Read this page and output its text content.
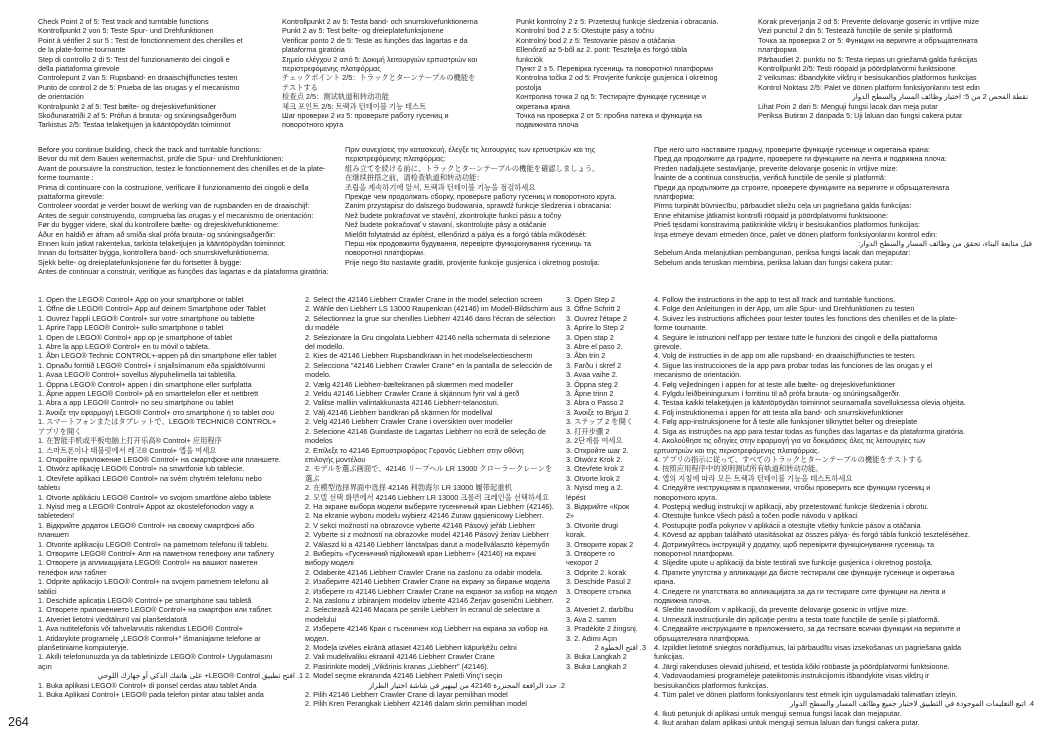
Check Point 2 of 5: Test track and turntable functions
Kontrollpunkt 2 von 5: Teste Spur- und Drehfunktionen
Point à vérifier 2 sur 5 : Test de fonctionnement des chenilles et
de la plate-forme tournante
Step di controllo 2 di 5: Test del funzionamento dei cingoli e
della piattaforma girevole
Controlepunt 2 van 5: Rupsband- en draaischijffuncties testen
Punto de control 2 de 5: Prueba de las orugas y el mecanismo
de orientación
Kontrolpunkt 2 af 5: Test bælte- og drejeskivefunktioner
Skoðunaratriði 2 af 5: Prófun á brauta- og snúningsaðgerðum
Tarkistus 2/5: Testaa telaketjujen ja kääntöpöydän toiminnot
Kontrollpunkt 2 av 5: Testa band- och snurrskivefunktionerna
Punkt 2 av 5: Test belte- og dreieplatefunksjonene
Verificar ponto 2 de 5: Teste as funções das lagartas e da
plataforma giratória
Σημείο ελέγχου 2 από 5: Δοκιμή λειτουργιών ερπυστριών και
περιστρεφόμενης πλατφόρμας
チェックポイント 2/5：トラックとターンテーブルの機能を
テストする
检查点 2/5：测试轨道和转动功能
체크 포인트 2/5: 트랙과 턴테이블 기능 테스트
Шаг проверки 2 из 5: проверьте работу гусениц и
поворотного круга
Punkt kontrolny 2 z 5: Przetestuj funkcje śledzenia i obracania.
Kontrolní bod 2 z 5: Otestujte pásy a točnu
Kontrolný bod 2 z 5: Testovanie pásov a otáčania
Ellenőrző az 5-ből az 2. pont: Teszteljа és forgó tábla
funkciók
Пункт 2 з 5. Перевірка гусениць та поворотної платформи
Kontrolna točka 2 od 5: Provjerite funkcije gusjenica i okretnog
postolja
Контролна точка 2 од 5: Тестирајте функције гусенице и
окретања крана
Точка на проверка 2 от 5: пробна патека и функција на
подвижната плоча
Korak preverjanja 2 od 5: Preverite delovanje gosenic in vrtljive mize
Vezi punctul 2 din 5: Testează funcțiile de șenile și platformă
Точка за проверка 2 от 5: Функции на веригите и обръщателната
платформа
Pārbaudiet 2. punktu no 5: Testa riepas un griežamā galda funkcijas
Kontrollpunkt 2/5: Testi rööpaid ja pöördplatvormi funktsioone
2 veiksmas: išbandykite vikšrų ir besisukančios platformos funkcijas
Kontrol Noktası 2/5: Palet ve dönen platform fonksiyonlarını test edin
نقطة الفحص 2 من 5: اختبار وظائف المسار والسطح الدوار
Lihat Poin 2 dari 5: Menguji fungsi lacak dan meja putar
Periksa Butiran 2 daripada 5: Uji laluan dan fungsi cakera putar
Before you continue building, check the track and turntable functions:
Bevor du mit dem Bauen weitermachst, prüfe die Spur- und Drehfunktionen:
Avant de poursuivre la construction, testez le fonctionnement des chenilles et de la plate-
forme tournante :
Prima di continuare con la costruzione, verificare il funzionamento dei cingoli e della
piattaforma girevole:
Controleer voordat je verder bouwt de werking van de rupsbanden en de draaischijf:
Antes de seguir construyendo, comprueba las orugas y el mecanismo de orientación:
Før du bygger videre, skal du kontrollere bælte- og drejeskivefunktionerne:
Áður en haldið er áfram að smíða skal prófa brauta- og snúningsaðgerðir:
Ennen kuin jatkat rakentelua, tarkista telaketjujen ja kääntöpöydän toiminnot:
Innan du fortsätter bygga, kontrollera band- och snurrskivefunktionerna:
Sjekk belte- og dreieplatefunksjonene før du fortsetter å bygge:
Antes de continuar a construir, verifique as funções das lagartas e da plataforma giratória:
Πριν συνεχίσεις την κατασκευή, έλεγξε τις λειτουργίες των ερπυστριών και της
περιστρεφόμενης πλατφόρμας:
組み立てを続ける前に、トラックとターンテーブルの機能を確認しましょう。
在继续拼搭之前，请检查轨道和转动功能：
조립을 계속하기에 앞서, 트랙과 턴테이블 기능을 점검하세요
Прежде чем продолжать сборку, проверьте работу гусениц и поворотного круга.
Zanim przystąpisz do dalszego budowania, sprawdź funkcje śledzenia i obracania:
Než budete pokračovat ve stavění, zkontrolujte funkci pásu a točny
Než budete pokračovať v stavaní, skontrolujte pásy a otáčanie
Mielőtt folytatnád az építést, ellenőrizd a pálya és a forgó tábla működését:
Перш ніж продовжити будування, перевірте функціонування гусениць та
поворотної платформи.
Prije nego što nastavite graditi, provjerite funkcije gusjenica i okretnog postolja:
Пре него што наставите градњу, проверите функције гусенице и окретања крана:
Пред да продолжите да градите, проверете ги функциите на лента и подвижна плоча:
Preden nadaljujete sestavljanje, preverite delovanje gosenic in vrtljive mize:
Înainte de a continua construcția, verifică funcțiile de șenile și platformă:
Преди да продължите да строите, проверете функциите на веригите и обръщателната
платформа:
Pirms turpināt būvniecību, pārbaudiet sliežu ceļa un pagriešana galda funkcijas:
Enne ehitamise jätkamist kontrolli rööpaid ja pöördplatvormi funktsioone:
Prieš tęsdami konstravimą patikrinkite vikšrų ir besisukančios platformos funkcijas:
İnşa etmeye devam etmeden önce, palet ve dönen platform fonksiyonlarını kontrol edin:
قبل متابعة البناء، تحقق من وظائف المسار والسطح الدوار:
Sebelum Anda melanjutkan pembangunan, periksa fungsi lacak dan mejaputar:
Sebelum anda teruskan membina, periksa laluan dan fungsi cakera putar:
1. Open the LEGO® Control+ App on your smartphone or tablet
1. Öffne die LEGO® Control+ App auf deinem Smartphone oder Tablet
1. Ouvrez l'appli LEGO® Control+ sur votre smartphone ou tablette
1. Aprire l'app LEGO® Control+ sullo smartphone o tablet
1. Open de LEGO® Control+ app op je smartphone of tablet
1. Abre la app LEGO® Control+ en tu móvil o tableta.
1. Åbn LEGO® Technic CONTROL+-appen på din smartphone eller tablet
1. Opnaðu forritið LEGO® Control+ í snjallsímanum eða spjaldtölvunni
1. Avaa LEGO® Control+ sovellus älypuhelimella tai tabletilla.
1. Öppna LEGO® Control+ appen i din smartphone eller surfplatta
1. Åpne appen LEGO® Control+ på en smarttelefon eller et nettbrett
1. Abra a app LEGO® Control+ no seu smartphone ou tablet
1. Άνοιξε την εφαρμογή LEGO® Control+ στο smartphone ή το tablet σου
1. スマートフォンまたはタブレットで、LEGO® TECHNIC® CONTROL+
アプリを開く
1. 在智能手机或平板电脑上打开乐高® Control+ 应用程序
1. 스마트폰이나 태블릿에서 레고® Control+ 앱을 여세요
1. Откройте приложение LEGO® Control+ на смартфоне или планшете.
1. Otwórz aplikację LEGO® Control+ na smartfonie lub tablecie.
1. Otevřete aplikaci LEGO® Control+ na svém chytrém telefonu nebo
tabletu
1. Otvorte aplikáciu LEGO® Control+ vo svojom smartfóne alebo tablete
1. Nyisd meg a LEGO® Control+ Appot az okostelefonodon vagy a
tableteden!
1. Відкрийте додаток LEGO® Control+ на своєму смартфоні або
планшеті
1. Otvorite aplikaciju LEGO® Control+ na pametnom telefonu ili tabletu.
1. Отворите LEGO® Control+ Апп на паметном телефону или таблету
1. Отворете ја апликацијата LEGO® Control+ на вашиот паметен
телефон или таблет
1. Odprite aplikacijo LEGO® Control+ na svojem pametnem telefonu ali
tablici
1. Deschide aplicația LEGO® Control+ pe smartphone sau tabletă
1. Отворете приложението LEGO® Control+ на смартфон или таблет.
1. Atveriet lietotni viedtālrunī vai planšetdatorā
1. Ava nutitelefonis või tahvelarvutis rakendus LEGO® Control+
1. Atidarykite programėlę „LEGO® Control+" išmaniajame telefone ar
planšetiniame kompiuteryje.
1. Akıllı telefonunuzda ya da tabletinizde LEGO® Control+ Uygulamasını
açın
1. افتح تطبيق LEGO® Control+ على هاتفك الذكي أو جهازك اللوحي
1. Buka aplikasi LEGO® Control+ di ponsel cerdas atau tablet Anda
1. Buka Aplikasi Control+ LEGO® pada telefon pintar atau tablet anda
2. Select the 42146 Liebherr Crawler Crane in the model selection screen
2. Wähle den Liebherr LS 13000 Raupenkran (42146) im Modell-Bildschirm aus
2. Sélectionnez la grue sur chenilles Liebherr 42146 dans l'écran de sélection
du modèle
2. Selezionare la Gru cingolata Liebherr 42146 nella schermata di selezione
del modello.
2. Kies de 42146 Liebherr Rupsbandkraan in het modelselectiescherm
2. Selecciona "42146 Liebherr Crawler Crane" en la pantalla de selección de
modelo.
2. Vælg 42146 Liebherr-bæltekranen på skærmen med modeller
2. Veldu 42146 Liebherr Crawler Crane á skjánnum fyrir val á gerð
2. Valitse malliin valintakkunasta 42146 Liebherr-telanosturi.
2. Välj 42146 Liebherr bandkran på skärmen för modellval
2. Velg 42146 Liebherr Crawler Crane i oversikten over modeller
2. Selecione 42146 Guindaste de Lagartas Liebherr no ecrã de seleção de
modelos
2. Επίλεξε το 42146 Ερπυστριοφόρος Γερανός Liebherr στην οθόνη
επιλογής μοντέλου
2. モデルを選ぶ画面で、42146 リープヘル LR 13000 クローラークレーンを
選ぶ
2. 在模型选择界面中选择 42146 利勃海尔 LR 13000 履带起重机
2. 모델 선택 화면에서 42146 Liebherr LR 13000 크롤러 크레인을 선택하세요
2. На экране выбора модели выберите гусеничный кран Liebherr (42146).
2. Na ekranie wyboru modelu wybierz 42146 Żuraw gąsienicowy Liebherr.
2. V sekci možností na obrazovce vyberte 42146 Pásový jeřáb Liebherr
2. Vyberte si z možností na obrazovke model 42146 Pásový žeriav Liebherr
2. Válaszd ki a 42146 Liebherr lánctalpas darut a modellválasztó képernyőn
2. Виберіть «Гусеничний підйомний кран Liebherr» (42146) на екрані
вибору моделі
2. Odaberite 42146 Liebherr Crawler Crane na zaslonu za odabir modela.
2. Изаберите 42146 Liebherr Crawler Crane на екрану за бирање модела
2. Изберете го 42146 Liebherr Crawler Crane на екранот за избор на модел
2. Na zaslonu z izbiranjem modelov izberite 42146 Žerjav gosenični Liebherr.
2. Selectează 42146 Macara pe șenile Liebherr în ecranul de selectare a
modelului
2. Изберете 42146 Кран с гъсеничен ход Liebherr на екрана за избор на
модел.
2. Modeļa izvēles ekrānā atlasiet 42146 Liebherr kāpurķēžu celtni
2. Vali mudelivaliku ekraanil 42146 Liebherr Crawler Crane
2. Pasirinkite modelį „Vikšrinis kranas „Liebherr" (42146).
2. Model seçme ekranında 42146 Liebherr Paletli Vinç'i seçin
2. حدد الرافعة المجنزرة 42146 من ليبهير في شاشة اختيار الطراز
2. Pilih 42146 Liebherr Crawler Crane di layar pemilihan model
2. Pilih Kren Perangkak Liebherr 42146 dalam skrin pemilihan model
3. Open Step 2
3. Öffne Schritt 2
3. Ouvrez l'étape 2
3. Aprire lo Step 2
3. Open stap 2
3. Abre el paso 2.
3. Åbn trin 2
3. Farðu í skref 2
3. Avaa vaihe 2.
3. Öppna steg 2
3. Åpne trinn 2
3. Abra o Passo 2
3. Άνοιξε το Βήμα 2
3. ステップ 2 を開く
3. 打开步骤 2
3. 2단계를 여세요
3. Откройте шаг 2.
3. Otwórz Krok 2.
3. Otevřete krok 2
3. Otvorte krok 2
3. Nyisd meg a 2.
lépést
3. Відкрийте «Крок
2»
3. Otvorite drugi
korak.
3. Отворите корак 2
3. Отворете го
чекорот 2
3. Odprite 2. korak
3. Deschide Pasul 2
3. Отворете стъпка
2
3. Atveriet 2. darbību
3. Ava 2. samm
3. Pradėkite 2 žingsnį.
3. 2. Adımı Açın
3. افتح الخطوة 2
3. Buka Langkah 2
3. Buka Langkah 2
4. Follow the instructions in the app to test all track and turntable functions.
4. Folge den Anleitungen in der App, um alle Spur- und Drehfunktionen zu testen
4. Suivez les instructions affichées pour tester toutes les fonctions des chenilles et de la plate-
forme tournante.
4. Seguire le istruzioni nell'app per testare tutte le funzioni dei cingoli e della piattaforma
girevole.
4. Volg de instructies in de app om alle rupsband- en draaischijffuncties te testen.
4. Sigue las instrucciones de la app para probar todas las funciones de las orugas y el
mecanismo de orientación.
4. Følg vejledningen i appen for at teste alle bælte- og drejeskivefunktioner
4. Fylgdu leiðbeiningunum í forritinu til að prófa brauta- og snúningsaðgerðir.
4. Testaa kaikki telaketjujen ja kääntöpöydän toiminnot seuraamalla sovelluksessa olevia ohjeita.
4. Följ instruktionerna i appen för att testa alla band- och snurrskivefunktioner
4. Følg app-instruksjonene for å teste alle funksjoner tilknyttet belter og dreieplate
4. Siga as instruções na app para testar todas as funções das lagartas e da plataforma giratória.
4. Ακολούθησε τις οδηγίες στην εφαρμογή για να δοκιμάσεις όλες τις λειτουργίες των
ερπυστριών και της περιστρεφόμενης πλατφόρμας.
4. アプリの指示に従って、すべてのトラックとターンテーブルの機能をテストする
4. 按照应用程序中的说明测试所有轨道和转动功能。
4. 앱의 지침에 따라 모든 트랙과 턴테이블 기능을 테스트하세요
4. Следуйте инструкциям в приложении, чтобы проверить все функции гусениц и
поворотного круга.
4. Postępuj według instrukcji w aplikacji, aby przetestować funkcje śledzenia i obrotu.
4. Otestujte funkce všech pásů a točen podle návodu v aplikaci
4. Postupujte podľa pokynov v aplikácii a otestujte všetky funkcie pásov a otáčania
4. Kövesd az appban található utasításokat az összes pálya- és forgó tábla funkció teszteléséhez.
4. Дотримуйтесь інструкцій у додатку, щоб перевірити функціонування гусениць та
поворотної платформи.
4. Slijedite upute u aplikaciji da biste testirali sve funkcije gusjenica i okretnog postolja.
4. Пратите упутства у апликацији да бисте тестирали све функције гусенице и окретања
крана.
4. Следете ги упатствата во апликацијата за да ги тестирате сите функции на лента и
подвижна плоча.
4. Sledite navodilom v aplikaciji, da preverite delovanje gosenic in vrtljive mize.
4. Urmează instrucțiunile din aplicație pentru a testa toate funcțiile de șenile și platformă.
4. Следвайте инструкциите в приложението, за да тествате всички функции на веригите и
обръщателната платформа.
4. Izpildiet lietotnē sniegtos norādījumus, lai pārbaudītu visas izsekošanas un pagriešana galda
funkcijas.
4. Järgi rakenduses olevaid juhiseid, et testida kõiki rööbaste ja pöördplatvormi funktsioone.
4. Vadovaudamiesi programėlėje pateiktomis instrukcijomis išbandykite visas vikšrų ir
besisukančios platformos funkcijas.
4. Tüm palet ve dönen platform fonksiyonlarını test etmek için uygulamadaki talimatları izleyin.
4. اتبع التعليمات الموجودة في التطبيق لاختبار جميع وظائف المسار والسطح الدوار
4. Ikuti petunjuk di aplikasi untuk menguji semua fungsi lacak dan mejaputar.
4. Ikut arahan dalam aplikasi untuk menguji semua laluan dan fungsi cakera putar.
264
